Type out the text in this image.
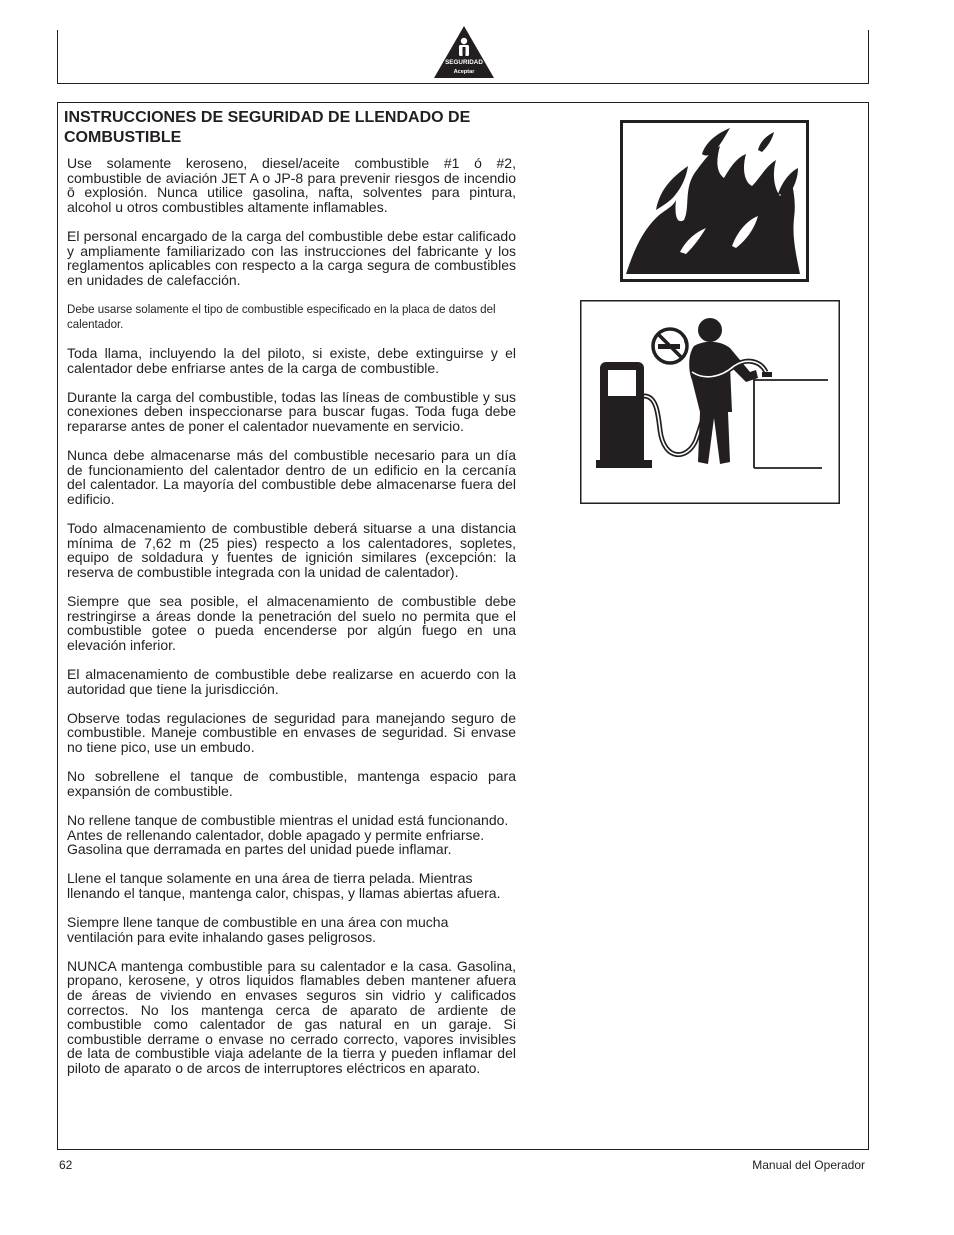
SEGURIDAD
Aceptar
INSTRUCCIONES DE SEGURIDAD DE LLENDADO DE COMBUSTIBLE

Use solamente keroseno, diesel/aceite combustible #1 ó #2, combustible de aviación JET A o JP-8 para prevenir riesgos de incendio ō explosión. Nunca utilice gasolina, nafta, solventes para pintura, alcohol u otros combustibles altamente inflamables.

El personal encargado de la carga del combustible debe estar calificado y ampliamente familiarizado con las instrucciones del fabricante y los reglamentos aplicables con respecto a la carga segura de combustibles en unidades de calefacción.

Debe usarse solamente el tipo de combustible especificado en la placa de datos del calentador.

Toda llama, incluyendo la del piloto, si existe, debe extinguirse y el calentador debe enfriarse antes de la carga de combustible.

Durante la carga del combustible, todas las líneas de combustible y sus conexiones deben inspeccionarse para buscar fugas. Toda fuga debe repararse antes de poner el calentador nuevamente en servicio.

Nunca debe almacenarse más del combustible necesario para un día de funcionamiento del calentador dentro de un edificio en la cercanía del calentador. La mayoría del combustible debe almacenarse fuera del edificio.

Todo almacenamiento de combustible deberá situarse a una distancia mínima de 7,62 m (25 pies) respecto a los calentadores, sopletes, equipo de soldadura y fuentes de ignición similares (excepción: la reserva de combustible integrada con la unidad de calentador).

Siempre que sea posible, el almacenamiento de combustible debe restringirse a áreas donde la penetración del suelo no permita que el combustible gotee o pueda encenderse por algún fuego en una elevación inferior.

El almacenamiento de combustible debe realizarse en acuerdo con la autoridad que tiene la jurisdicción.

Observe todas regulaciones de seguridad para manejando seguro de combustible. Maneje combustible en envases de seguridad. Si envase no tiene pico, use un embudo.

No sobrellene el tanque de combustible, mantenga espacio para expansión de combustible.

No rellene tanque de combustible mientras el unidad está funcionando. Antes de rellenando calentador, doble apagado y permite enfriarse. Gasolina que derramada en partes del unidad puede inflamar.

Llene el tanque solamente en una área de tierra pelada. Mientras llenando el tanque, mantenga calor, chispas, y llamas abiertas afuera.

Siempre llene tanque de combustible en una área con mucha ventilación para evite inhalando gases peligrosos.

NUNCA mantenga combustible para su calentador e la casa. Gasolina, propano, kerosene, y otros liquidos flamables deben mantener afuera de áreas de viviendo en envases seguros sin vidrio y calificados correctos. No los mantenga cerca de aparato de ardiente de combustible como calentador de gas natural en un garaje. Si combustible derrame o envase no cerrado correcto, vapores invisibles de lata de combustible viaja adelante de la tierra y pueden inflamar del piloto de aparato o de arcos de interruptores eléctricos en aparato.

62	Manual del Operador
